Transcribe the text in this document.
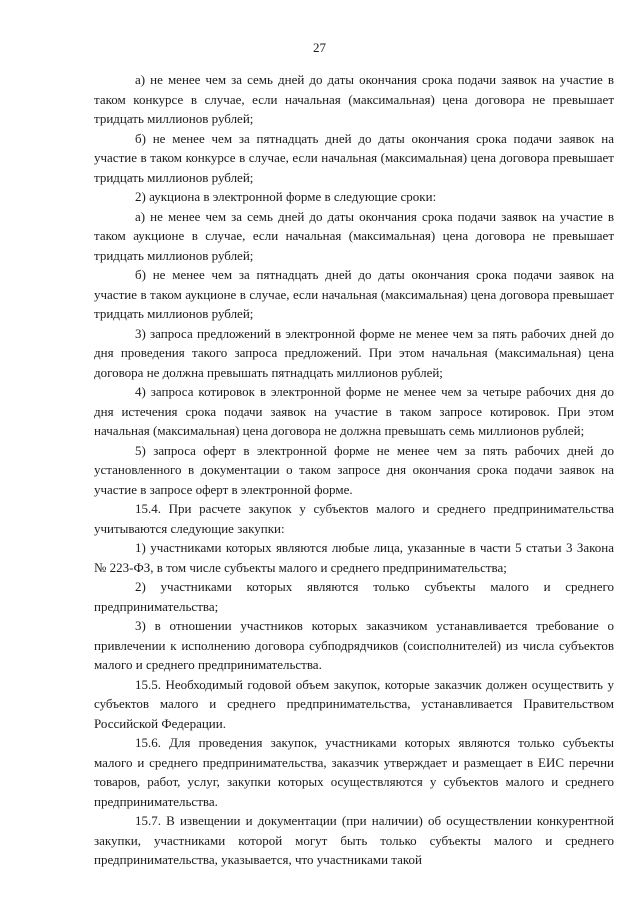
27

а) не менее чем за семь дней до даты окончания срока подачи заявок на участие в таком конкурсе в случае, если начальная (максимальная) цена договора не превышает тридцать миллионов рублей;

б) не менее чем за пятнадцать дней до даты окончания срока подачи заявок на участие в таком конкурсе в случае, если начальная (максимальная) цена договора превышает тридцать миллионов рублей;

2) аукциона в электронной форме в следующие сроки:

а) не менее чем за семь дней до даты окончания срока подачи заявок на участие в таком аукционе в случае, если начальная (максимальная) цена договора не превышает тридцать миллионов рублей;

б) не менее чем за пятнадцать дней до даты окончания срока подачи заявок на участие в таком аукционе в случае, если начальная (максимальная) цена договора превышает тридцать миллионов рублей;

3) запроса предложений в электронной форме не менее чем за пять рабочих дней до дня проведения такого запроса предложений. При этом начальная (максимальная) цена договора не должна превышать пятнадцать миллионов рублей;

4) запроса котировок в электронной форме не менее чем за четыре рабочих дня до дня истечения срока подачи заявок на участие в таком запросе котировок. При этом начальная (максимальная) цена договора не должна превышать семь миллионов рублей;

5) запроса оферт в электронной форме не менее чем за пять рабочих дней до установленного в документации о таком запросе дня окончания срока подачи заявок на участие в запросе оферт в электронной форме.

15.4. При расчете закупок у субъектов малого и среднего предпринимательства учитываются следующие закупки:

1) участниками которых являются любые лица, указанные в части 5 статьи 3 Закона № 223-ФЗ, в том числе субъекты малого и среднего предпринимательства;

2) участниками которых являются только субъекты малого и среднего предпринимательства;

3) в отношении участников которых заказчиком устанавливается требование о привлечении к исполнению договора субподрядчиков (соисполнителей) из числа субъектов малого и среднего предпринимательства.

15.5. Необходимый годовой объем закупок, которые заказчик должен осуществить у субъектов малого и среднего предпринимательства, устанавливается Правительством Российской Федерации.

15.6. Для проведения закупок, участниками которых являются только субъекты малого и среднего предпринимательства, заказчик утверждает и размещает в ЕИС перечни товаров, работ, услуг, закупки которых осуществляются у субъектов малого и среднего предпринимательства.

15.7. В извещении и документации (при наличии) об осуществлении конкурентной закупки, участниками которой могут быть только субъекты малого и среднего предпринимательства, указывается, что участниками такой
